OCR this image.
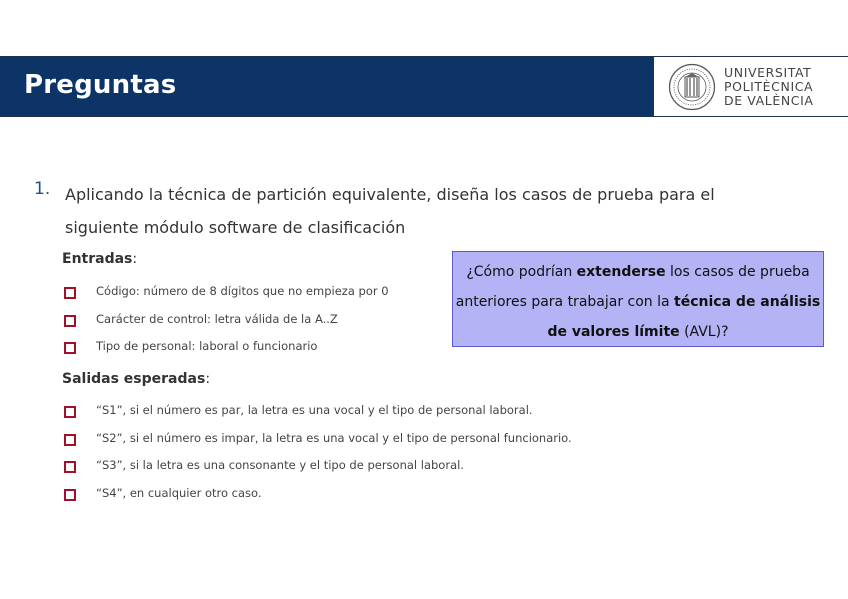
Preguntas	UNIVERSITAT
POLITÈCNICA
DE VALÈNCIA
1. Aplicando la técnica de partición equivalente, diseña los casos de prueba para el siguiente módulo software de clasificación
Entradas:
Código: número de 8 dígitos que no empieza por 0
Carácter de control: letra válida de la A..Z
Tipo de personal: laboral o funcionario
Salidas esperadas:
“S1”, si el número es par, la letra es una vocal y el tipo de personal laboral.
“S2”, si el número es impar, la letra es una vocal y el tipo de personal funcionario.
“S3”, si la letra es una consonante y el tipo de personal laboral.
“S4”, en cualquier otro caso.
¿Cómo podrían extenderse los casos de prueba anteriores para trabajar con la técnica de análisis de valores límite (AVL)?
